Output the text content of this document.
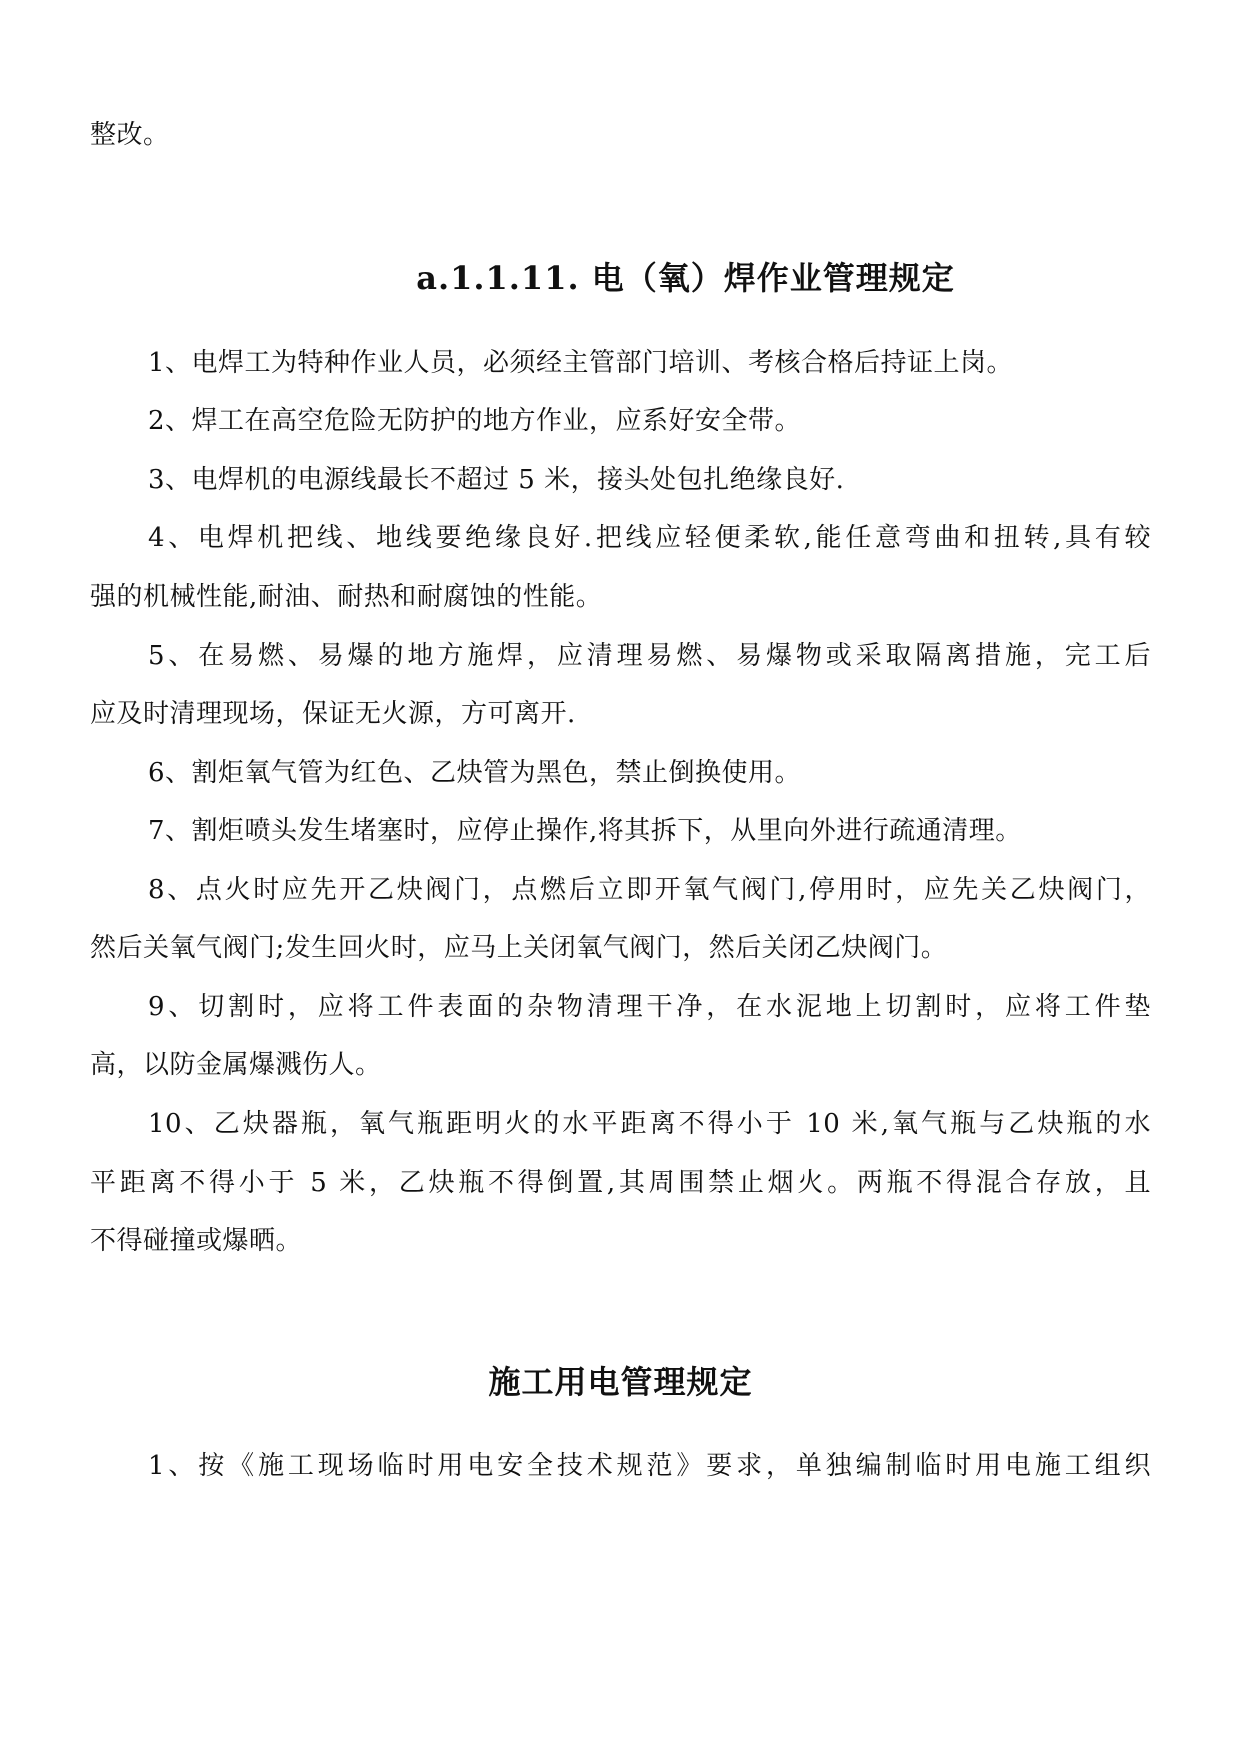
整改。
a.1.1.11. 电（氧）焊作业管理规定
1、电焊工为特种作业人员，必须经主管部门培训、考核合格后持证上岗。
2、焊工在高空危险无防护的地方作业，应系好安全带。
3、电焊机的电源线最长不超过 5 米，接头处包扎绝缘良好.
4、电焊机把线、地线要绝缘良好.把线应轻便柔软,能任意弯曲和扭转,具有较
强的机械性能,耐油、耐热和耐腐蚀的性能。
5、在易燃、易爆的地方施焊，应清理易燃、易爆物或采取隔离措施，完工后
应及时清理现场，保证无火源，方可离开.
6、割炬氧气管为红色、乙炔管为黑色，禁止倒换使用。
7、割炬喷头发生堵塞时，应停止操作,将其拆下，从里向外进行疏通清理。
8、点火时应先开乙炔阀门，点燃后立即开氧气阀门,停用时，应先关乙炔阀门，
然后关氧气阀门;发生回火时，应马上关闭氧气阀门，然后关闭乙炔阀门。
9、切割时，应将工件表面的杂物清理干净，在水泥地上切割时，应将工件垫
高，以防金属爆溅伤人。
10、乙炔器瓶，氧气瓶距明火的水平距离不得小于 10 米,氧气瓶与乙炔瓶的水
平距离不得小于 5 米，乙炔瓶不得倒置,其周围禁止烟火。两瓶不得混合存放，且
不得碰撞或爆晒。
施工用电管理规定
1、按《施工现场临时用电安全技术规范》要求，单独编制临时用电施工组织
